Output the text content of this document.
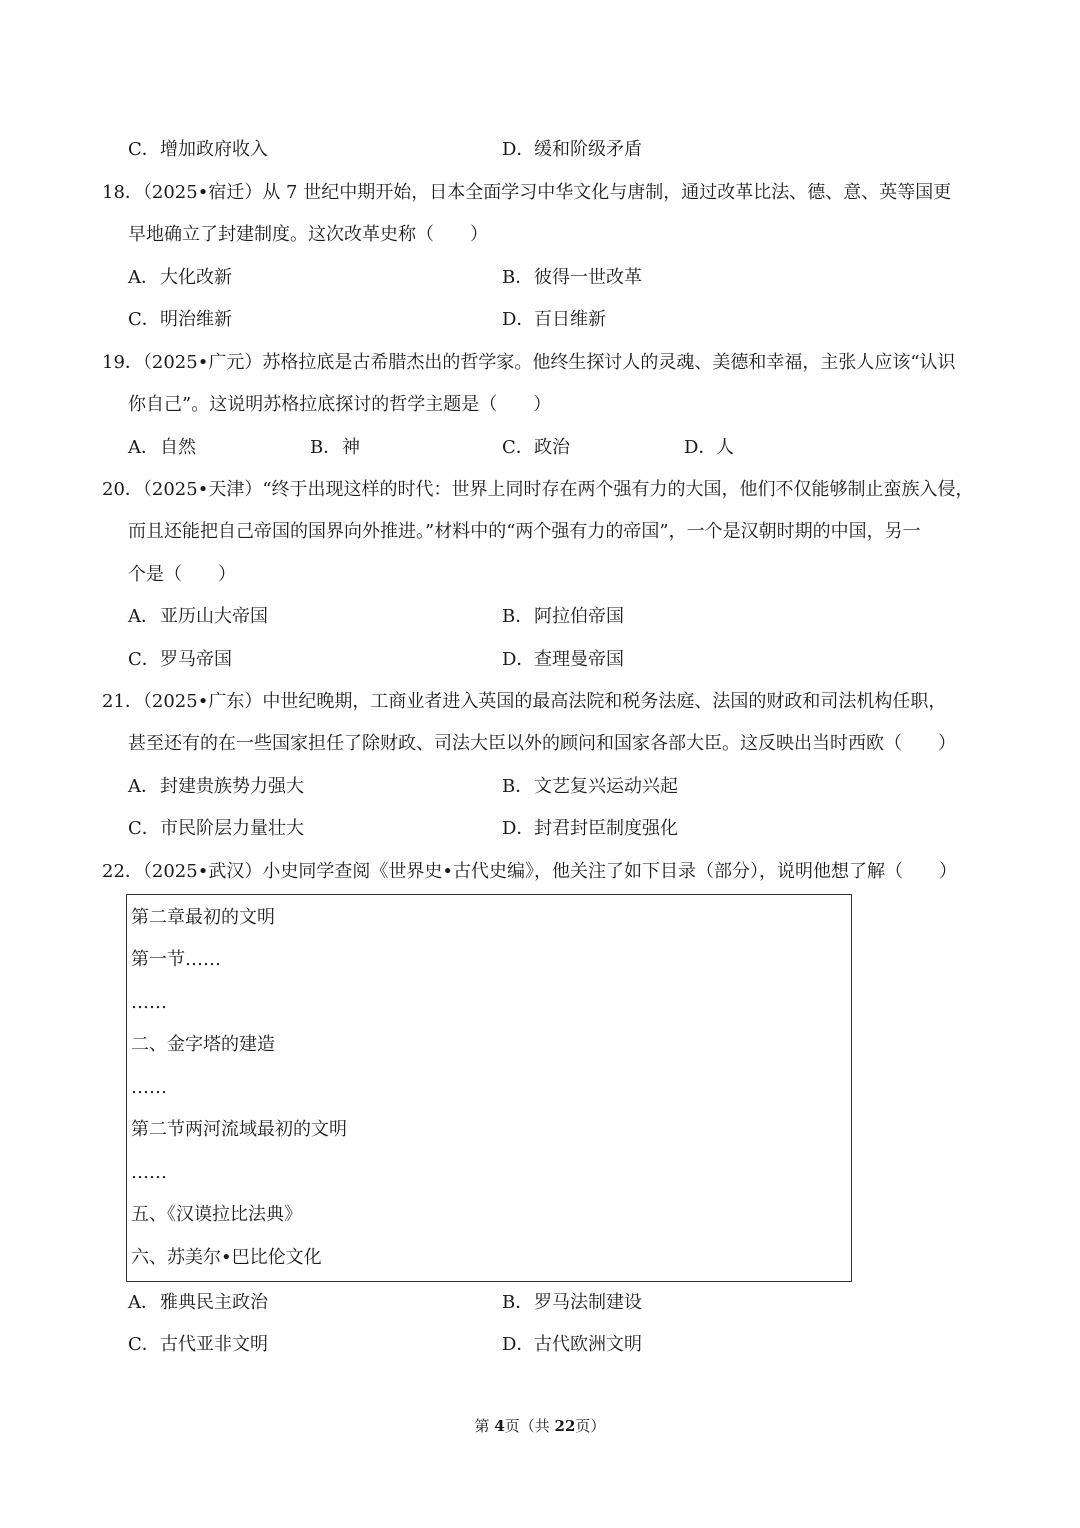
C．增加政府收入	D．缓和阶级矛盾
18．（2025•宿迁）从 7 世纪中期开始，日本全面学习中华文化与唐制，通过改革比法、德、意、英等国更
早地确立了封建制度。这次改革史称（　　）
A．大化改新	B．彼得一世改革
C．明治维新	D．百日维新
19．（2025•广元）苏格拉底是古希腊杰出的哲学家。他终生探讨人的灵魂、美德和幸福，主张人应该“认识
你自己”。这说明苏格拉底探讨的哲学主题是（　　）
A．自然	B．神	C．政治	D．人
20．（2025•天津）“终于出现这样的时代：世界上同时存在两个强有力的大国，他们不仅能够制止蛮族入侵，
而且还能把自己帝国的国界向外推进。”材料中的“两个强有力的帝国”，一个是汉朝时期的中国，另一
个是（　　）
A．亚历山大帝国	B．阿拉伯帝国
C．罗马帝国	D．查理曼帝国
21．（2025•广东）中世纪晚期，工商业者进入英国的最高法院和税务法庭、法国的财政和司法机构任职，
甚至还有的在一些国家担任了除财政、司法大臣以外的顾问和国家各部大臣。这反映出当时西欧（　　）
A．封建贵族势力强大	B．文艺复兴运动兴起
C．市民阶层力量壮大	D．封君封臣制度强化
22．（2025•武汉）小史同学查阅《世界史•古代史编》，他关注了如下目录（部分），说明他想了解（　　）
第二章最初的文明
第一节……
……
二、金字塔的建造
……
第二节两河流域最初的文明
……
五、《汉谟拉比法典》
六、苏美尔•巴比伦文化
A．雅典民主政治	B．罗马法制建设
C．古代亚非文明	D．古代欧洲文明
第 4页（共 22页）
